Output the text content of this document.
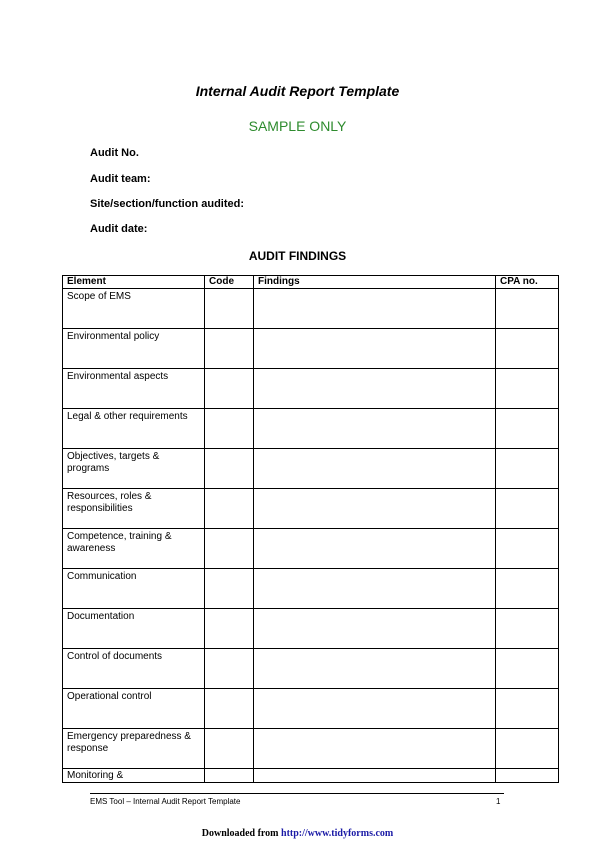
Internal Audit Report Template
SAMPLE ONLY
Audit No.
Audit team:
Site/section/function audited:
Audit date:
AUDIT FINDINGS
Element	Code	Findings	CPA no.
Scope of EMS			
Environmental policy			
Environmental aspects			
Legal & other requirements			
Objectives, targets & programs			
Resources, roles & responsibilities			
Competence, training & awareness			
Communication			
Documentation			
Control of documents			
Operational control			
Emergency preparedness & response			
Monitoring &			
EMS Tool – Internal Audit Report Template	1
Downloaded from http://www.tidyforms.com
